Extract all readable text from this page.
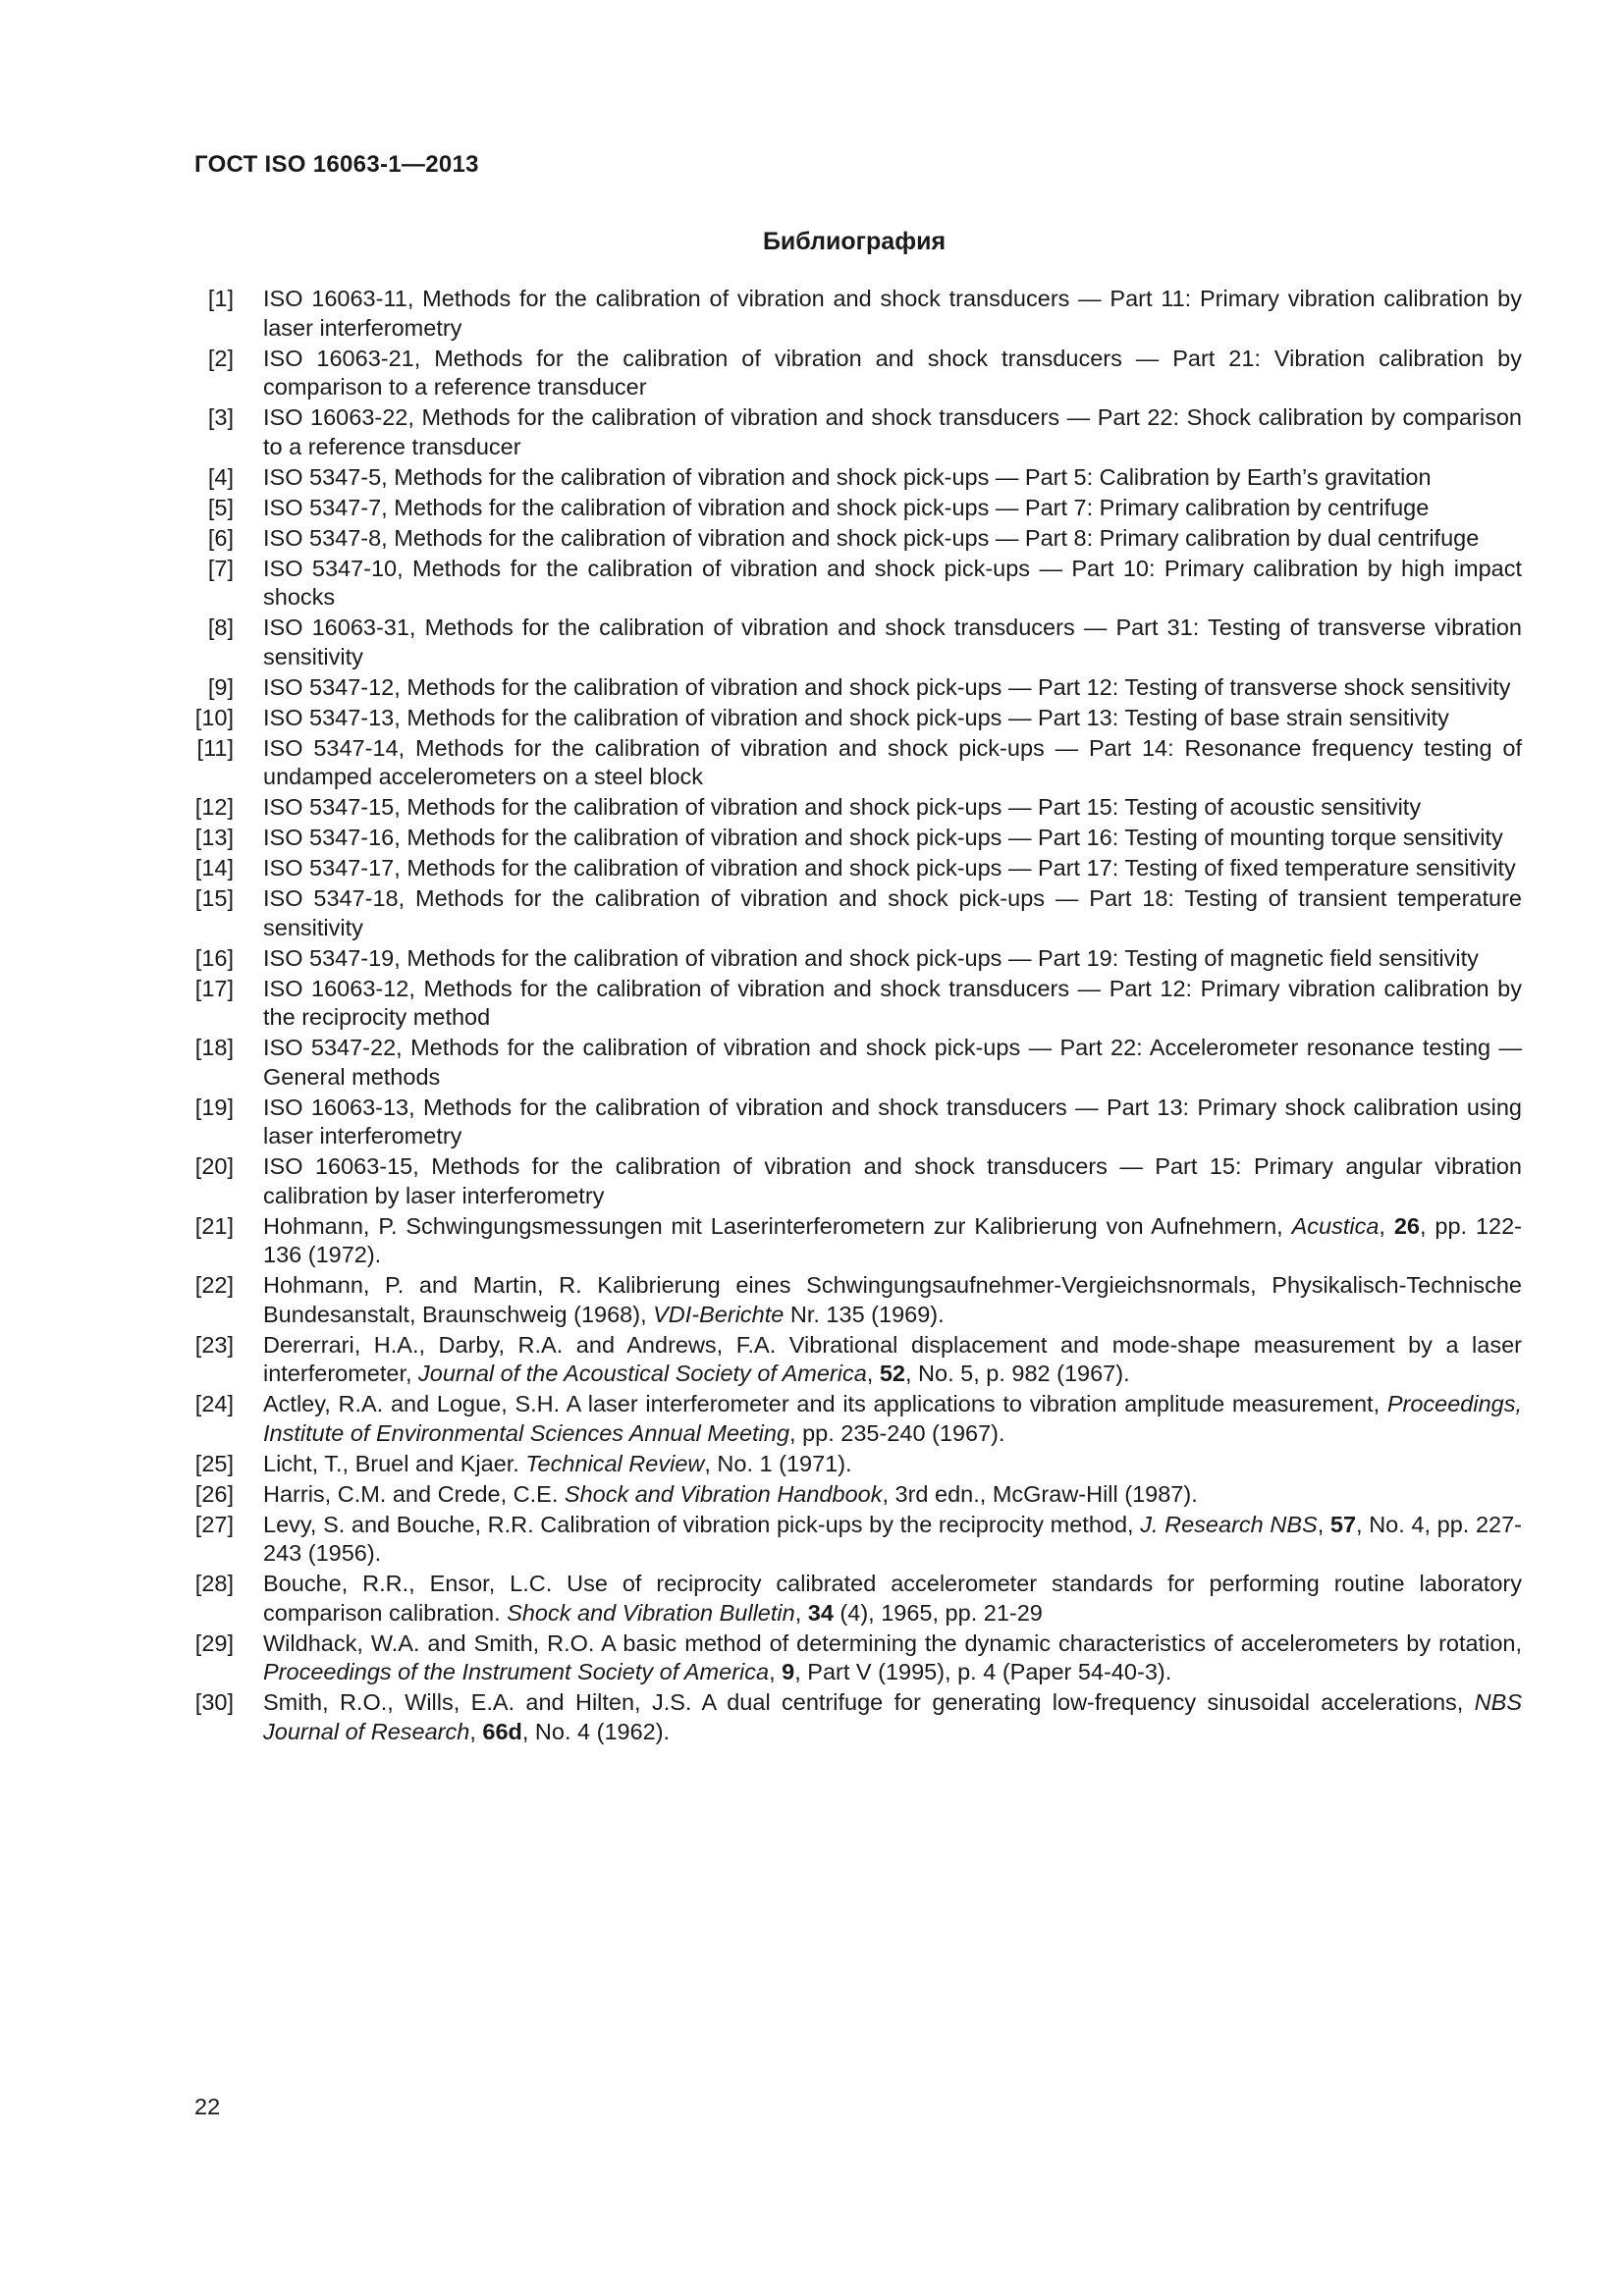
ГОСТ ISO 16063-1—2013
Библиография
[1] ISO 16063-11, Methods for the calibration of vibration and shock transducers — Part 11: Primary vibration calibration by laser interferometry
[2] ISO 16063-21, Methods for the calibration of vibration and shock transducers — Part 21: Vibration calibration by comparison to a reference transducer
[3] ISO 16063-22, Methods for the calibration of vibration and shock transducers — Part 22: Shock calibration by comparison to a reference transducer
[4] ISO 5347-5, Methods for the calibration of vibration and shock pick-ups — Part 5: Calibration by Earth’s gravitation
[5] ISO 5347-7, Methods for the calibration of vibration and shock pick-ups — Part 7: Primary calibration by centrifuge
[6] ISO 5347-8, Methods for the calibration of vibration and shock pick-ups — Part 8: Primary calibration by dual centrifuge
[7] ISO 5347-10, Methods for the calibration of vibration and shock pick-ups — Part 10: Primary calibration by high impact shocks
[8] ISO 16063-31, Methods for the calibration of vibration and shock transducers — Part 31: Testing of transverse vibration sensitivity
[9] ISO 5347-12, Methods for the calibration of vibration and shock pick-ups — Part 12: Testing of transverse shock sensitivity
[10] ISO 5347-13, Methods for the calibration of vibration and shock pick-ups — Part 13: Testing of base strain sensitivity
[11] ISO 5347-14, Methods for the calibration of vibration and shock pick-ups — Part 14: Resonance frequency testing of undamped accelerometers on a steel block
[12] ISO 5347-15, Methods for the calibration of vibration and shock pick-ups — Part 15: Testing of acoustic sensitivity
[13] ISO 5347-16, Methods for the calibration of vibration and shock pick-ups — Part 16: Testing of mounting torque sensitivity
[14] ISO 5347-17, Methods for the calibration of vibration and shock pick-ups — Part 17: Testing of fixed temperature sensitivity
[15] ISO 5347-18, Methods for the calibration of vibration and shock pick-ups — Part 18: Testing of transient temperature sensitivity
[16] ISO 5347-19, Methods for the calibration of vibration and shock pick-ups — Part 19: Testing of magnetic field sensitivity
[17] ISO 16063-12, Methods for the calibration of vibration and shock transducers — Part 12: Primary vibration calibration by the reciprocity method
[18] ISO 5347-22, Methods for the calibration of vibration and shock pick-ups — Part 22: Accelerometer resonance testing — General methods
[19] ISO 16063-13, Methods for the calibration of vibration and shock transducers — Part 13: Primary shock calibration using laser interferometry
[20] ISO 16063-15, Methods for the calibration of vibration and shock transducers — Part 15: Primary angular vibration calibration by laser interferometry
[21] Hohmann, P. Schwingungsmessungen mit Laserinterferometern zur Kalibrierung von Aufnehmern, Acustica, 26, pp. 122-136 (1972).
[22] Hohmann, P. and Martin, R. Kalibrierung eines Schwingungsaufnehmer-Vergieichsnormals, Physikalisch-Technische Bundesanstalt, Braunschweig (1968), VDI-Berichte Nr. 135 (1969).
[23] Dererrari, H.A., Darby, R.A. and Andrews, F.A. Vibrational displacement and mode-shape measurement by a laser interferometer, Journal of the Acoustical Society of America, 52, No. 5, p. 982 (1967).
[24] Actley, R.A. and Logue, S.H. A laser interferometer and its applications to vibration amplitude measurement, Proceedings, Institute of Environmental Sciences Annual Meeting, pp. 235-240 (1967).
[25] Licht, T., Bruel and Kjaer. Technical Review, No. 1 (1971).
[26] Harris, C.M. and Crede, C.E. Shock and Vibration Handbook, 3rd edn., McGraw-Hill (1987).
[27] Levy, S. and Bouche, R.R. Calibration of vibration pick-ups by the reciprocity method, J. Research NBS, 57, No. 4, pp. 227-243 (1956).
[28] Bouche, R.R., Ensor, L.C. Use of reciprocity calibrated accelerometer standards for performing routine laboratory comparison calibration. Shock and Vibration Bulletin, 34 (4), 1965, pp. 21-29
[29] Wildhack, W.A. and Smith, R.O. A basic method of determining the dynamic characteristics of accelerometers by rotation, Proceedings of the Instrument Society of America, 9, Part V (1995), p. 4 (Paper 54-40-3).
[30] Smith, R.O., Wills, E.A. and Hilten, J.S. A dual centrifuge for generating low-frequency sinusoidal accelerations, NBS Journal of Research, 66d, No. 4 (1962).
22
